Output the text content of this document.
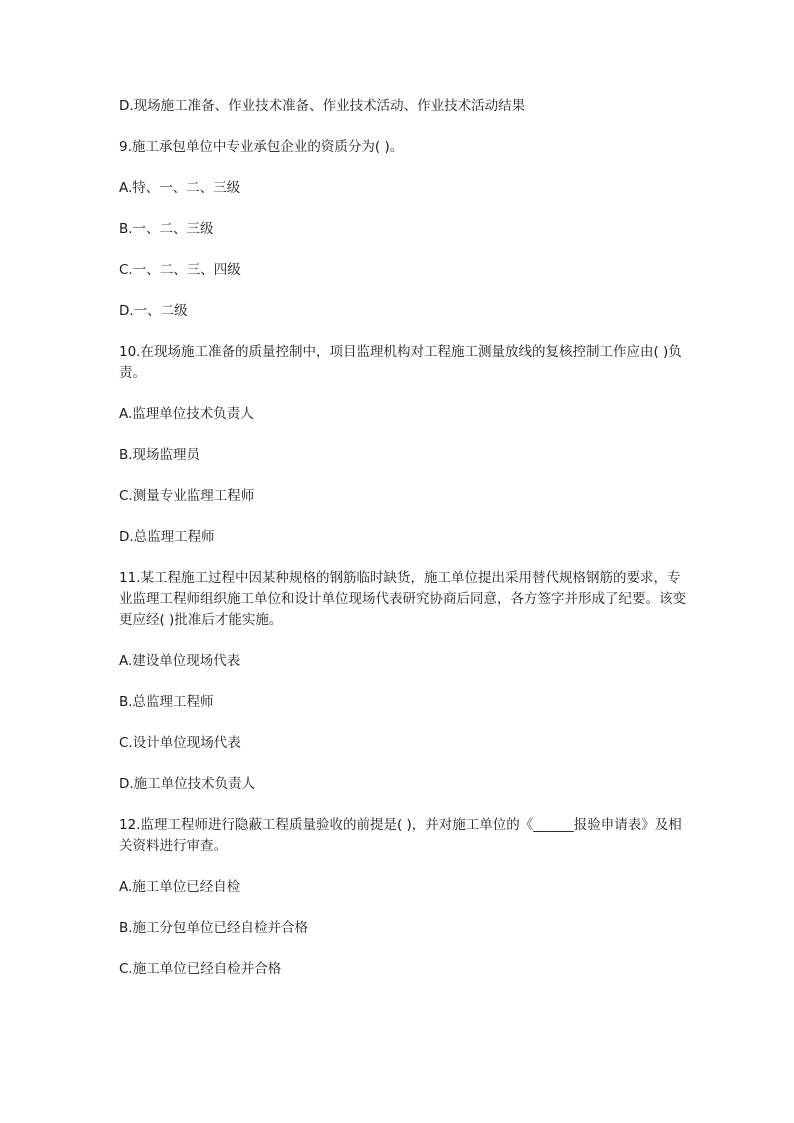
D.现场施工准备、作业技术准备、作业技术活动、作业技术活动结果
9.施工承包单位中专业承包企业的资质分为( )。
A.特、一、二、三级
B.一、二、三级
C.一、二、三、四级
D.一、二级
10.在现场施工准备的质量控制中，项目监理机构对工程施工测量放线的复核控制工作应由( )负责。
A.监理单位技术负责人
B.现场监理员
C.测量专业监理工程师
D.总监理工程师
11.某工程施工过程中因某种规格的钢筋临时缺货，施工单位提出采用替代规格钢筋的要求，专业监理工程师组织施工单位和设计单位现场代表研究协商后同意，各方签字并形成了纪要。该变更应经( )批准后才能实施。
A.建设单位现场代表
B.总监理工程师
C.设计单位现场代表
D.施工单位技术负责人
12.监理工程师进行隐蔽工程质量验收的前提是( )，并对施工单位的《______报验申请表》及相关资料进行审查。
A.施工单位已经自检
B.施工分包单位已经自检并合格
C.施工单位已经自检并合格
